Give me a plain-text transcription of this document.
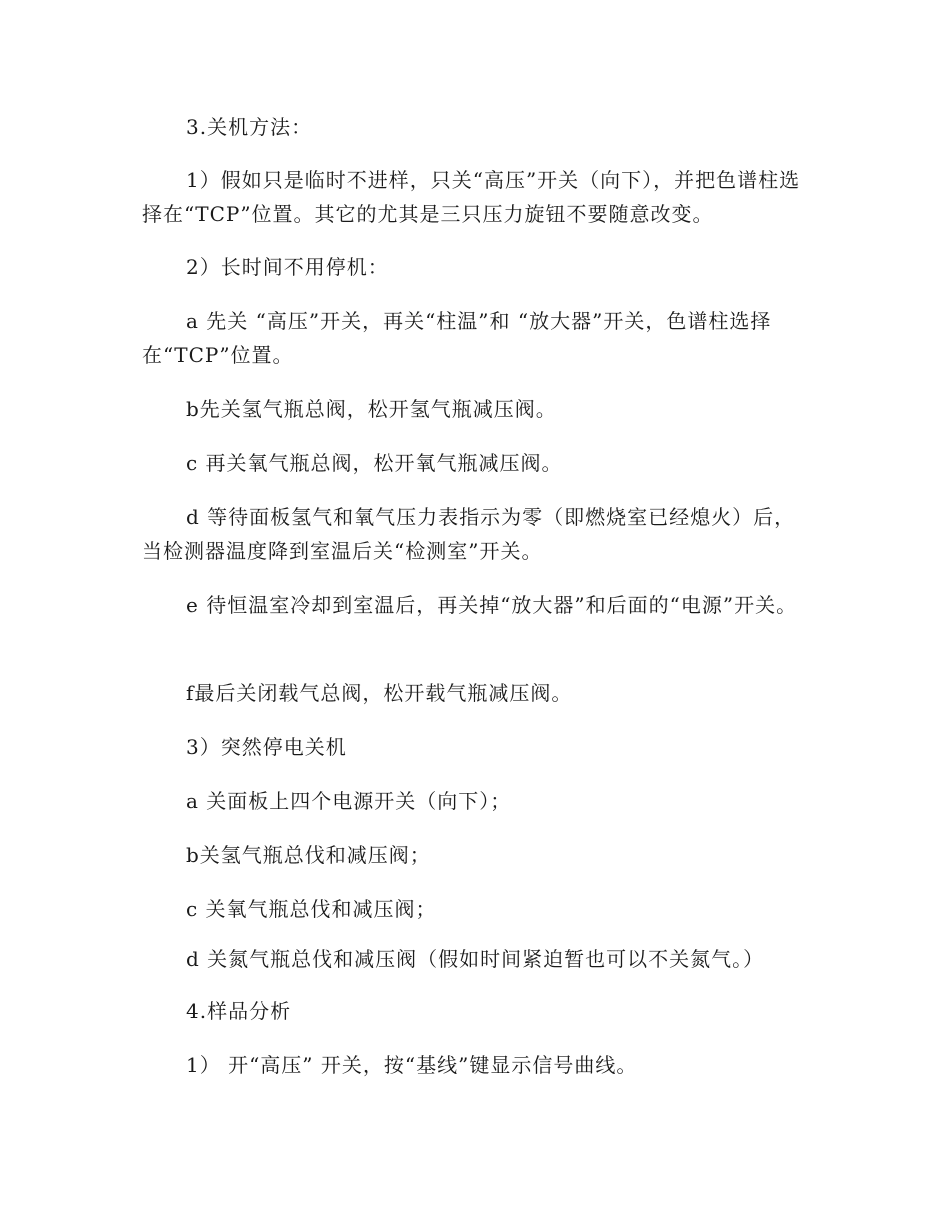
3.关机方法：

1）假如只是临时不进样，只关“高压”开关（向下），并把色谱柱选择在“TCP”位置。其它的尤其是三只压力旋钮不要随意改变。

2）长时间不用停机：

a 先关 “高压”开关，再关“柱温”和 “放大器”开关，色谱柱选择在“TCP”位置。

b先关氢气瓶总阀，松开氢气瓶减压阀。

c 再关氧气瓶总阀，松开氧气瓶减压阀。

d 等待面板氢气和氧气压力表指示为零（即燃烧室已经熄火）后，当检测器温度降到室温后关“检测室”开关。

e 待恒温室冷却到室温后，再关掉“放大器”和后面的“电源”开关。

f最后关闭载气总阀，松开载气瓶减压阀。

3）突然停电关机

a 关面板上四个电源开关（向下）；

b关氢气瓶总伐和减压阀；

c 关氧气瓶总伐和减压阀；

d 关氮气瓶总伐和减压阀（假如时间紧迫暂也可以不关氮气。）

4.样品分析

1） 开“高压” 开关，按“基线”键显示信号曲线。
